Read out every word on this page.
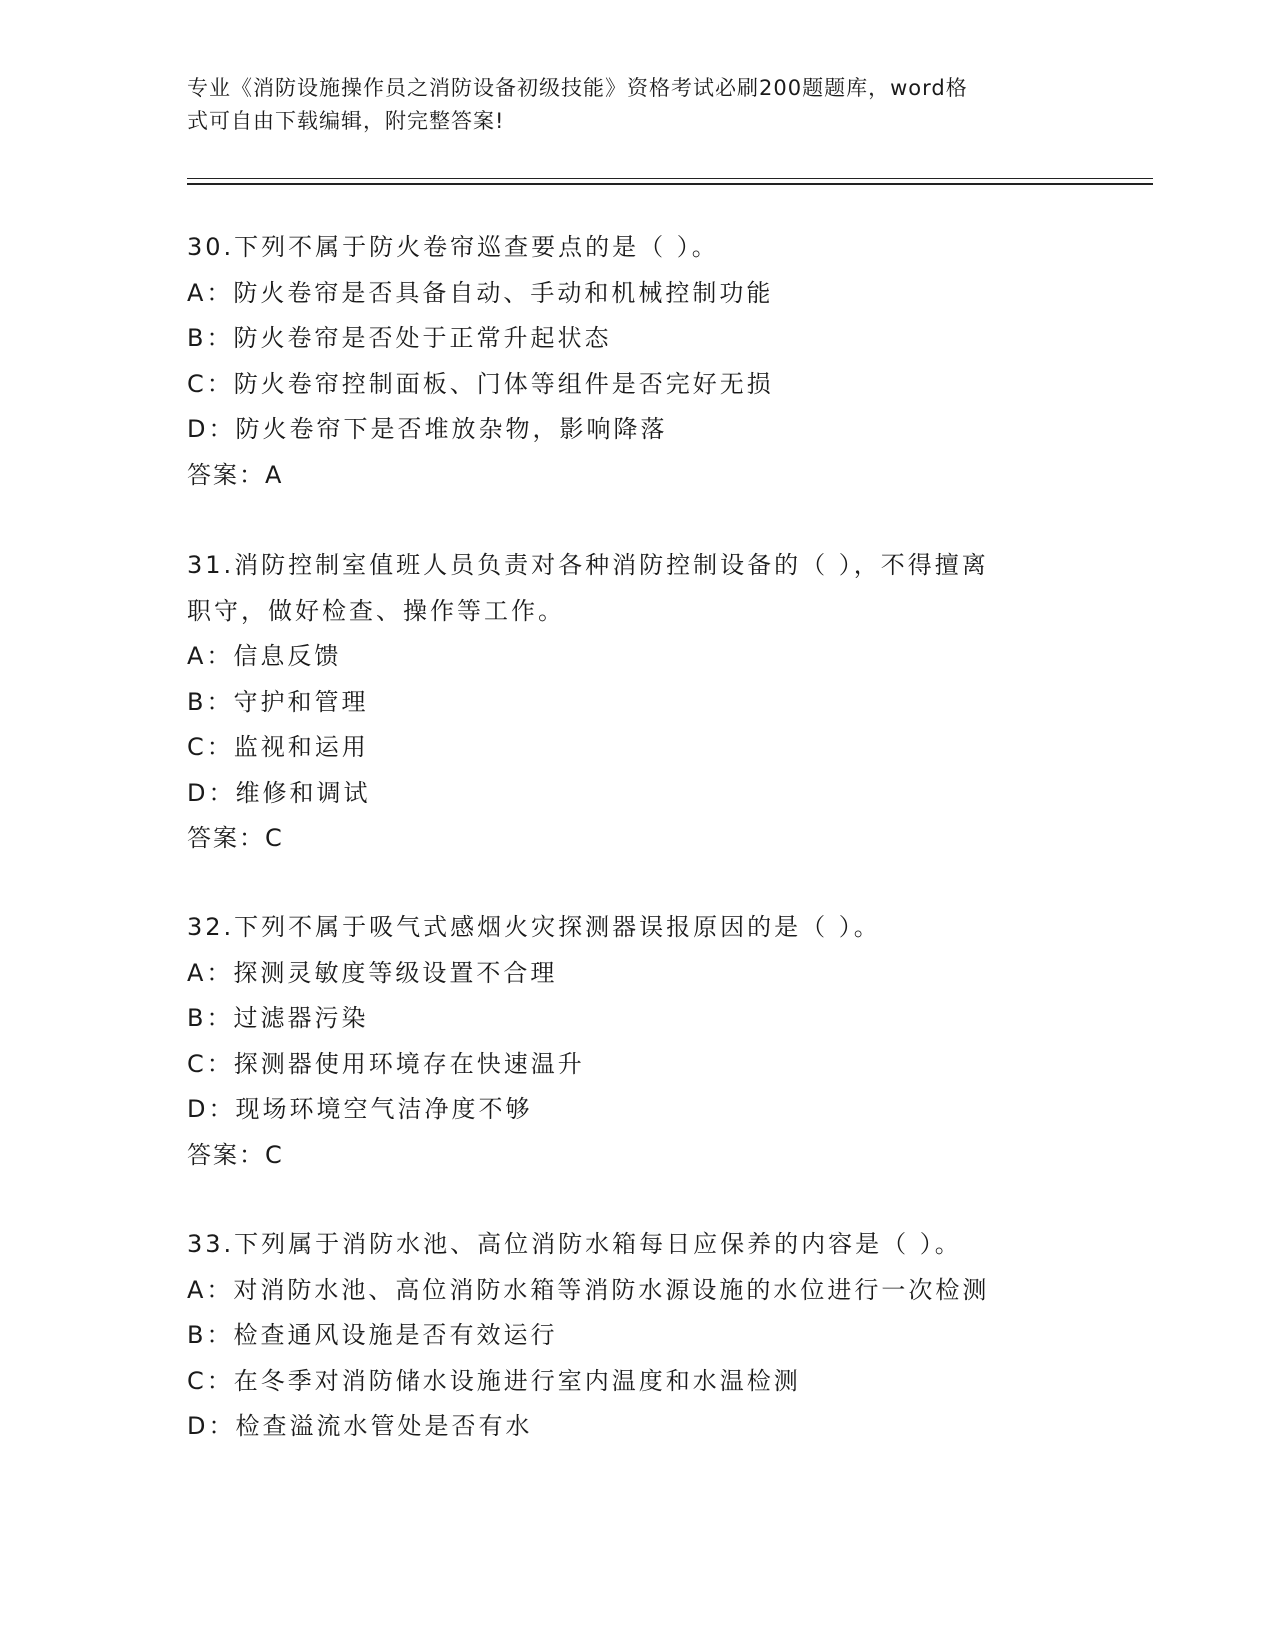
专业《消防设施操作员之消防设备初级技能》资格考试必刷200题题库，word格
式可自由下载编辑，附完整答案!
30.下列不属于防火卷帘巡查要点的是（ ）。
A：防火卷帘是否具备自动、手动和机械控制功能
B：防火卷帘是否处于正常升起状态
C：防火卷帘控制面板、门体等组件是否完好无损
D：防火卷帘下是否堆放杂物，影响降落
答案：A
31.消防控制室值班人员负责对各种消防控制设备的（ ），不得擅离
职守，做好检查、操作等工作。
A：信息反馈
B：守护和管理
C：监视和运用
D：维修和调试
答案：C
32.下列不属于吸气式感烟火灾探测器误报原因的是（ ）。
A：探测灵敏度等级设置不合理
B：过滤器污染
C：探测器使用环境存在快速温升
D：现场环境空气洁净度不够
答案：C
33.下列属于消防水池、高位消防水箱每日应保养的内容是（ ）。
A：对消防水池、高位消防水箱等消防水源设施的水位进行一次检测
B：检查通风设施是否有效运行
C：在冬季对消防储水设施进行室内温度和水温检测
D：检查溢流水管处是否有水
